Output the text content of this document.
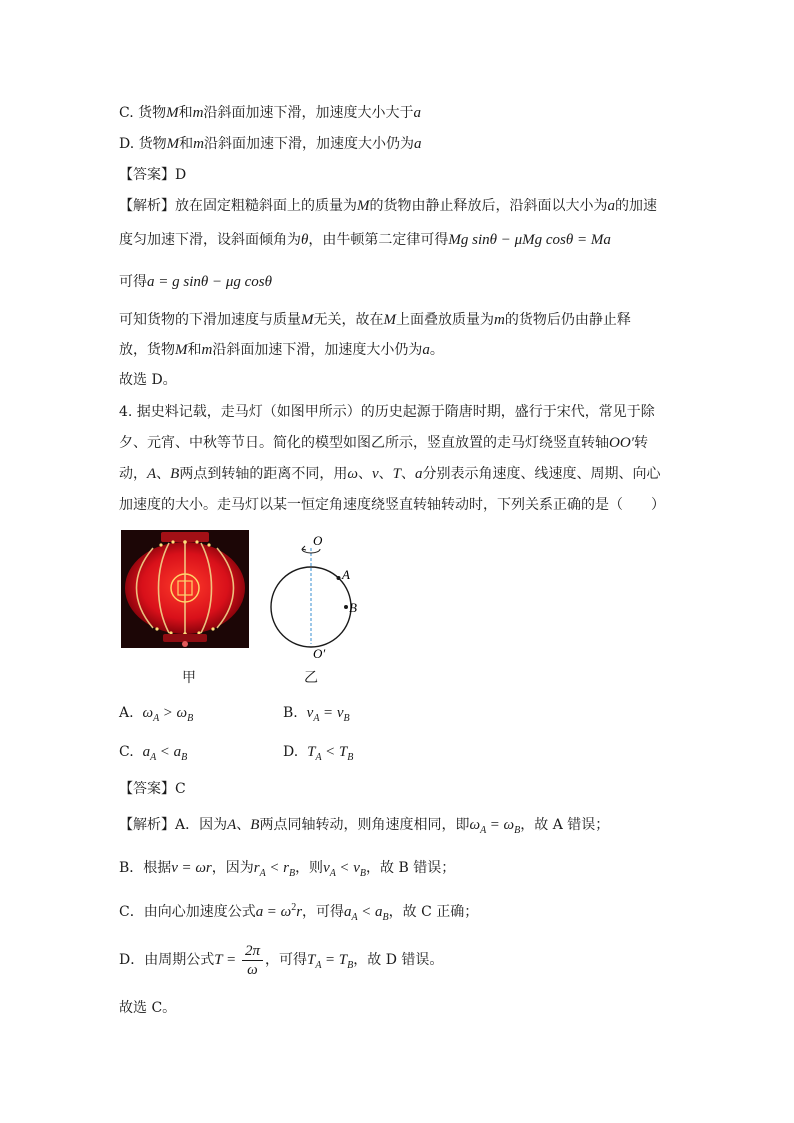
C. 货物M和m沿斜面加速下滑，加速度大小大于a
D. 货物M和m沿斜面加速下滑，加速度大小仍为a
【答案】D
【解析】放在固定粗糙斜面上的质量为M的货物由静止释放后，沿斜面以大小为a的加速
度匀加速下滑，设斜面倾角为θ，由牛顿第二定律可得Mg sinθ − μMg cosθ = Ma
可得a = g sinθ − μg cosθ
可知货物的下滑加速度与质量M无关，故在M上面叠放质量为m的货物后仍由静止释
放，货物M和m沿斜面加速下滑，加速度大小仍为a。
故选 D。
4. 据史料记载，走马灯（如图甲所示）的历史起源于隋唐时期，盛行于宋代，常见于除
夕、元宵、中秋等节日。简化的模型如图乙所示，竖直放置的走马灯绕竖直转轴OO′转
动，A、B两点到转轴的距离不同，用ω、v、T、a分别表示角速度、线速度、周期、向心
加速度的大小。走马灯以某一恒定角速度绕竖直转轴转动时，下列关系正确的是（　　）
甲
O
O′
A
B
乙
A. $\omega_A > \omega_B$	B. $v_A = v_B$
C. $a_A < a_B$	D. $T_A < T_B$
【答案】C
【解析】A．因为A、B两点同轴转动，则角速度相同，即$\omega_A = \omega_B$，故 A 错误；
B．根据v = ωr，因为$r_A < r_B$，则$v_A < v_B$，故 B 错误；
C．由向心加速度公式$a = \omega^2r$，可得$a_A < a_B$，故 C 正确；
D．由周期公式$T = \frac{2\pi}{\omega}$ ，可得$T_A = T_B$，故 D 错误。
故选 C。
